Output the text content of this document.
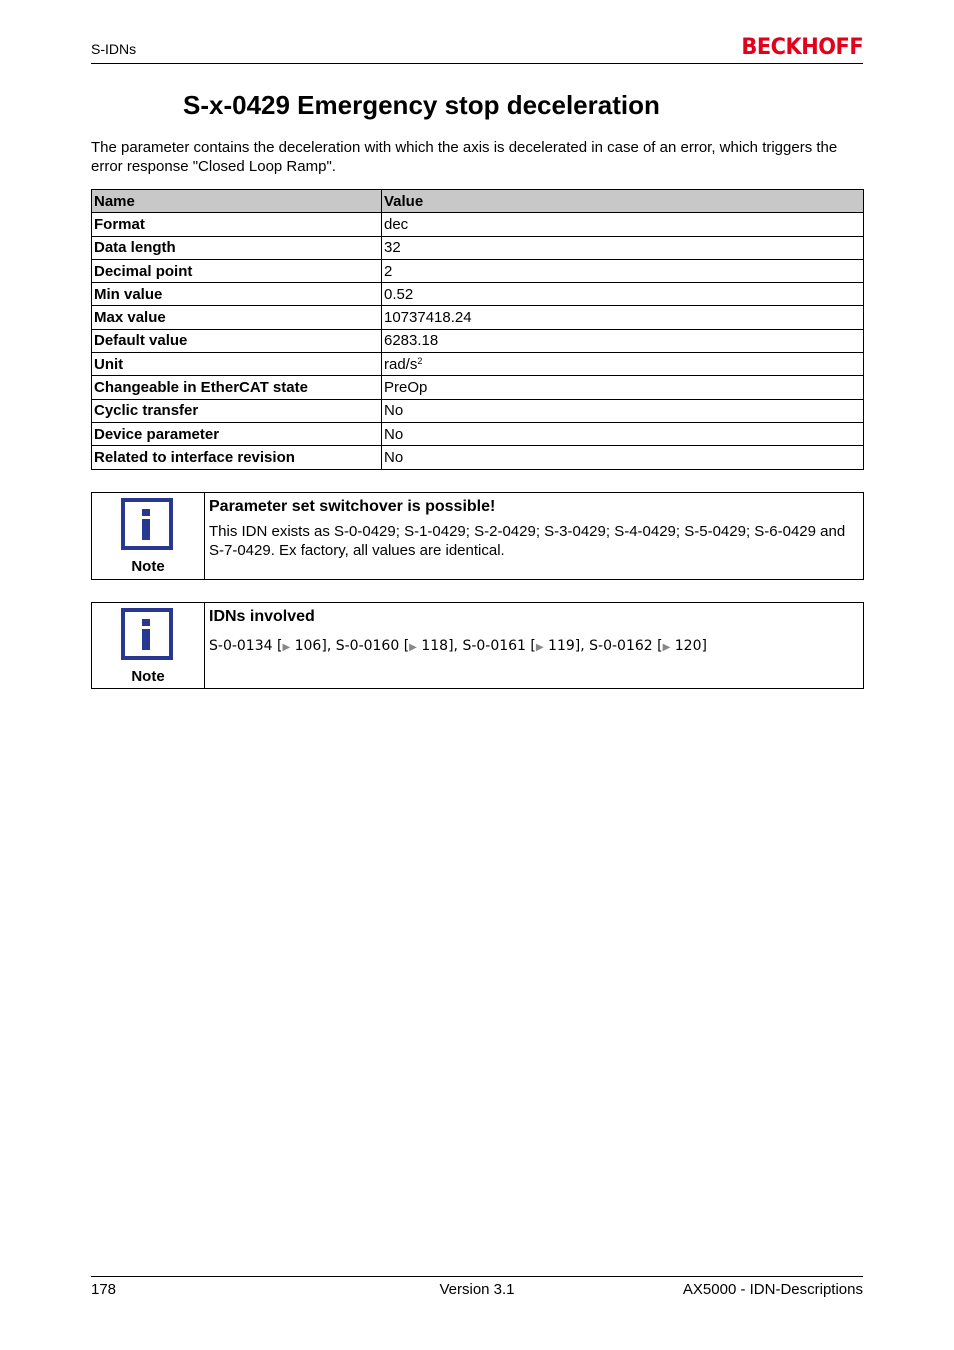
S-IDNs	BECKHOFF
S-x-0429 Emergency stop deceleration

The parameter contains the deceleration with which the axis is decelerated in case of an error, which triggers the error response "Closed Loop Ramp".

Name	Value
Format	dec
Data length	32
Decimal point	2
Min value	0.52
Max value	10737418.24
Default value	6283.18
Unit	rad/$s^2$
Changeable in EtherCAT state	PreOp
Cyclic transfer	No
Device parameter	No
Related to interface revision	No
Note
Parameter set switchover is possible!

This IDN exists as S-0-0429; S-1-0429; S-2-0429; S-3-0429; S-4-0429; S-5-0429; S-6-0429 and S-7-0429. Ex factory, all values are identical.

Note
IDNs involved
S-0-0134 [▶ 106], S-0-0160 [▶ 118], S-0-0161 [▶ 119], S-0-0162 [▶ 120]
178	Version 3.1	AX5000 - IDN-Descriptions
